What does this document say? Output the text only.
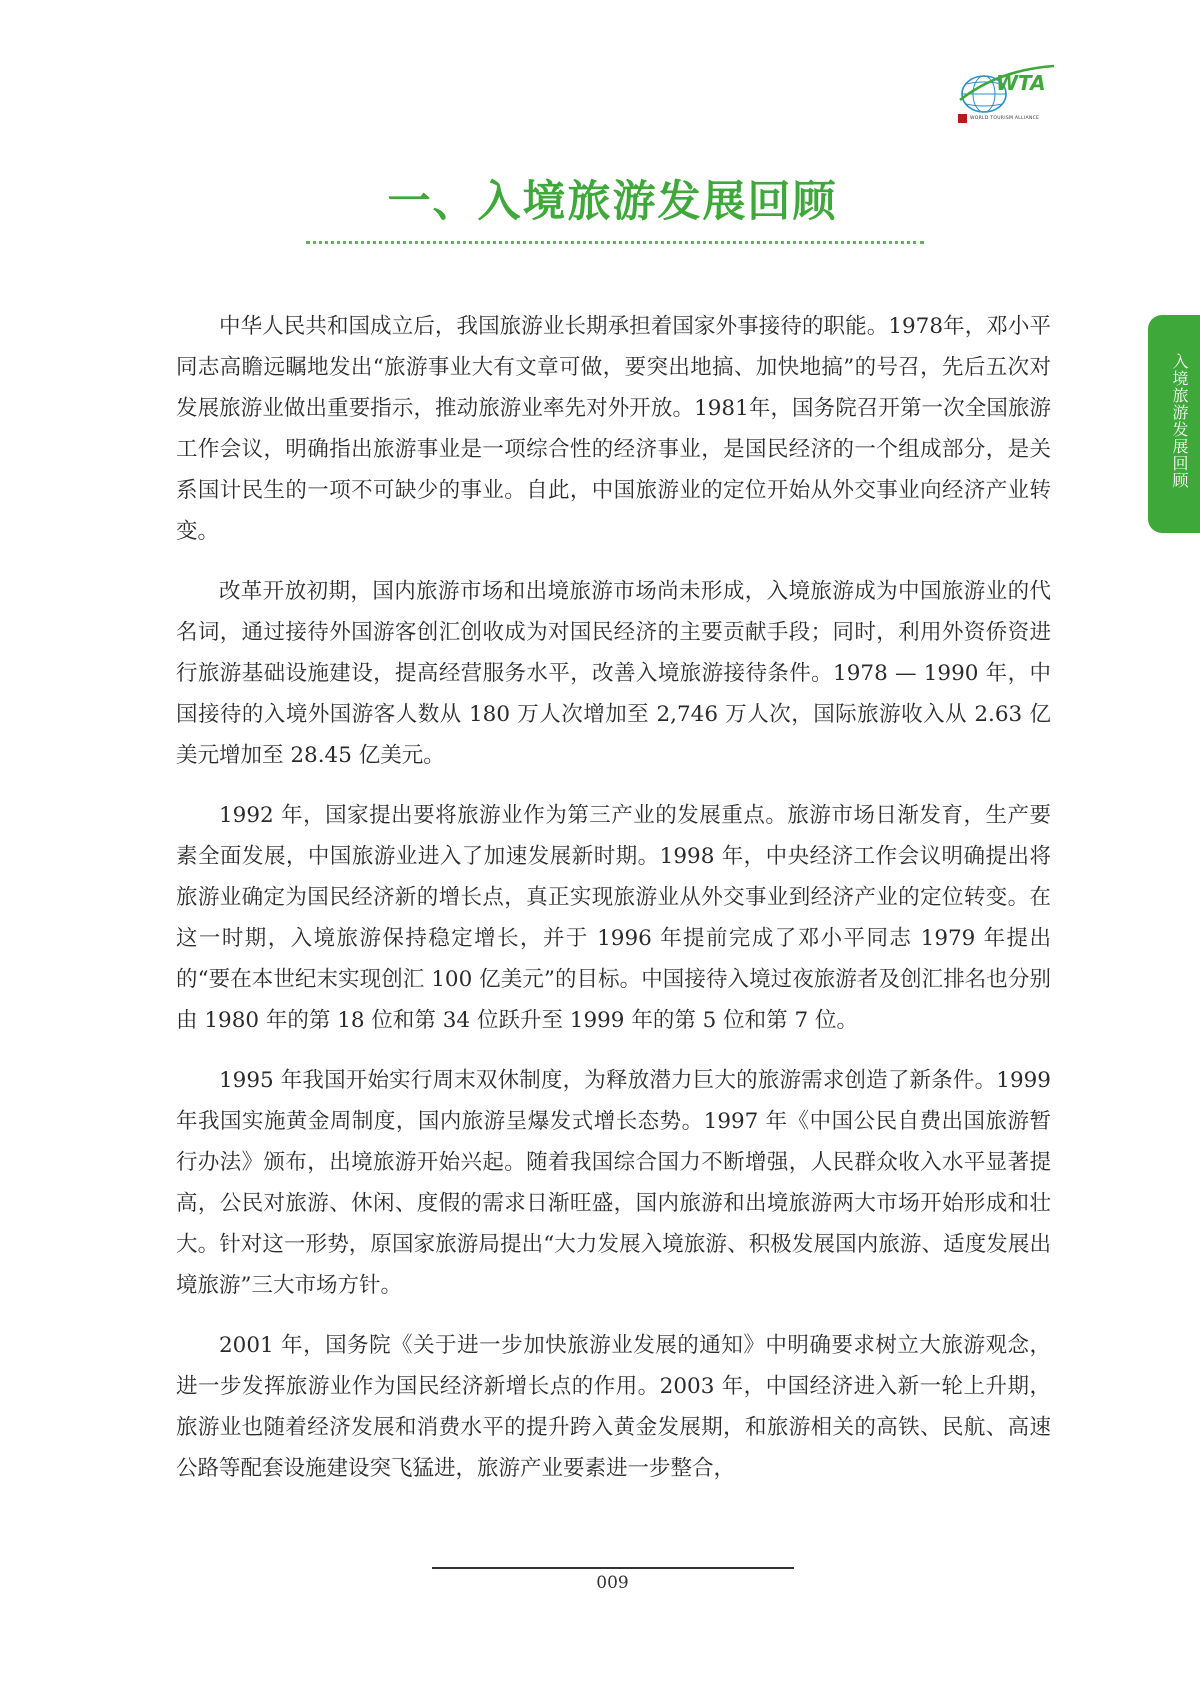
WTA
WORLD TOURISM ALLIANCE
一、入境旅游发展回顾
入境旅游发展回顾

中华人民共和国成立后，我国旅游业长期承担着国家外事接待的职能。1978年，邓小平同志高瞻远瞩地发出“旅游事业大有文章可做，要突出地搞、加快地搞”的号召，先后五次对发展旅游业做出重要指示，推动旅游业率先对外开放。1981年，国务院召开第一次全国旅游工作会议，明确指出旅游事业是一项综合性的经济事业，是国民经济的一个组成部分，是关系国计民生的一项不可缺少的事业。自此，中国旅游业的定位开始从外交事业向经济产业转变。

改革开放初期，国内旅游市场和出境旅游市场尚未形成，入境旅游成为中国旅游业的代名词，通过接待外国游客创汇创收成为对国民经济的主要贡献手段；同时，利用外资侨资进行旅游基础设施建设，提高经营服务水平，改善入境旅游接待条件。1978 — 1990 年，中国接待的入境外国游客人数从 180 万人次增加至 2,746 万人次，国际旅游收入从 2.63 亿美元增加至 28.45 亿美元。

1992 年，国家提出要将旅游业作为第三产业的发展重点。旅游市场日渐发育，生产要素全面发展，中国旅游业进入了加速发展新时期。1998 年，中央经济工作会议明确提出将旅游业确定为国民经济新的增长点，真正实现旅游业从外交事业到经济产业的定位转变。在这一时期，入境旅游保持稳定增长，并于 1996 年提前完成了邓小平同志 1979 年提出的“要在本世纪末实现创汇 100 亿美元”的目标。中国接待入境过夜旅游者及创汇排名也分别由 1980 年的第 18 位和第 34 位跃升至 1999 年的第 5 位和第 7 位。

1995 年我国开始实行周末双休制度，为释放潜力巨大的旅游需求创造了新条件。1999 年我国实施黄金周制度，国内旅游呈爆发式增长态势。1997 年《中国公民自费出国旅游暂行办法》颁布，出境旅游开始兴起。随着我国综合国力不断增强，人民群众收入水平显著提高，公民对旅游、休闲、度假的需求日渐旺盛，国内旅游和出境旅游两大市场开始形成和壮大。针对这一形势，原国家旅游局提出“大力发展入境旅游、积极发展国内旅游、适度发展出境旅游”三大市场方针。

2001 年，国务院《关于进一步加快旅游业发展的通知》中明确要求树立大旅游观念，进一步发挥旅游业作为国民经济新增长点的作用。2003 年，中国经济进入新一轮上升期，旅游业也随着经济发展和消费水平的提升跨入黄金发展期，和旅游相关的高铁、民航、高速公路等配套设施建设突飞猛进，旅游产业要素进一步整合，

009
